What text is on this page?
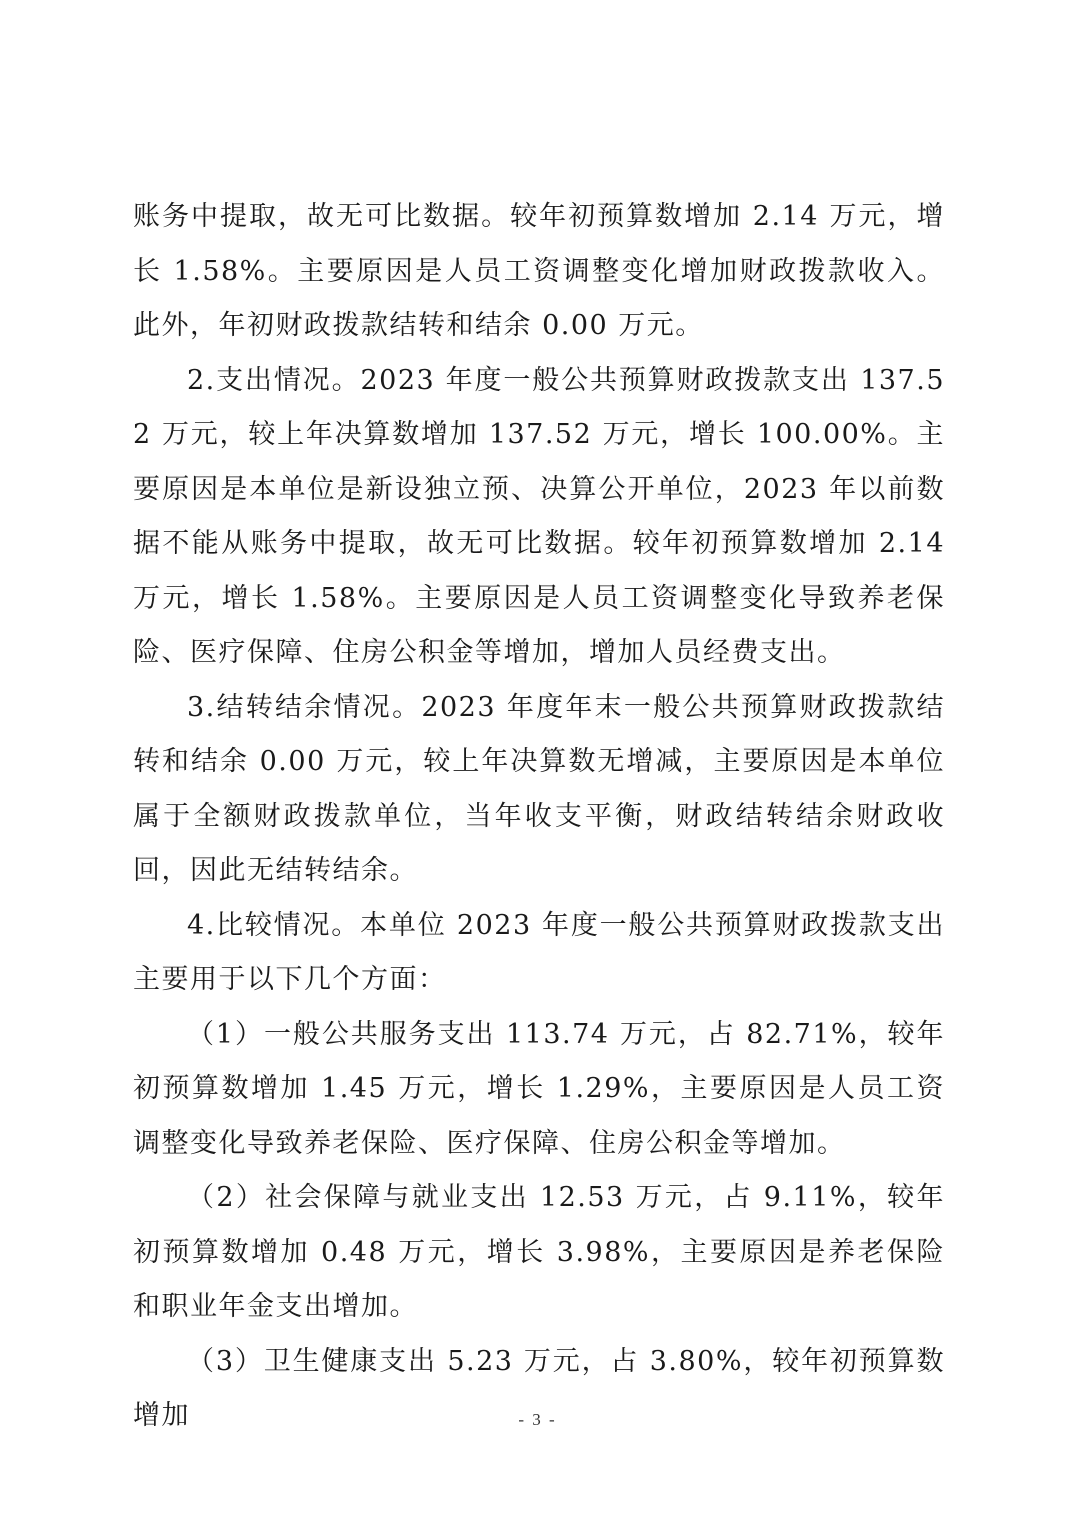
账务中提取，故无可比数据。较年初预算数增加 2.14 万元，增长 1.58%。主要原因是人员工资调整变化增加财政拨款收入。此外，年初财政拨款结转和结余 0.00 万元。

2.支出情况。2023 年度一般公共预算财政拨款支出 137.52 万元，较上年决算数增加 137.52 万元，增长 100.00%。主要原因是本单位是新设独立预、决算公开单位，2023 年以前数据不能从账务中提取，故无可比数据。较年初预算数增加 2.14 万元，增长 1.58%。主要原因是人员工资调整变化导致养老保险、医疗保障、住房公积金等增加，增加人员经费支出。

3.结转结余情况。2023 年度年末一般公共预算财政拨款结转和结余 0.00 万元，较上年决算数无增减，主要原因是本单位属于全额财政拨款单位，当年收支平衡，财政结转结余财政收回，因此无结转结余。

4.比较情况。本单位 2023 年度一般公共预算财政拨款支出主要用于以下几个方面：

（1）一般公共服务支出 113.74 万元，占 82.71%，较年初预算数增加 1.45 万元，增长 1.29%，主要原因是人员工资调整变化导致养老保险、医疗保障、住房公积金等增加。

（2）社会保障与就业支出 12.53 万元，占 9.11%，较年初预算数增加 0.48 万元，增长 3.98%，主要原因是养老保险和职业年金支出增加。

（3）卫生健康支出 5.23 万元，占 3.80%，较年初预算数增加	- 3 -
